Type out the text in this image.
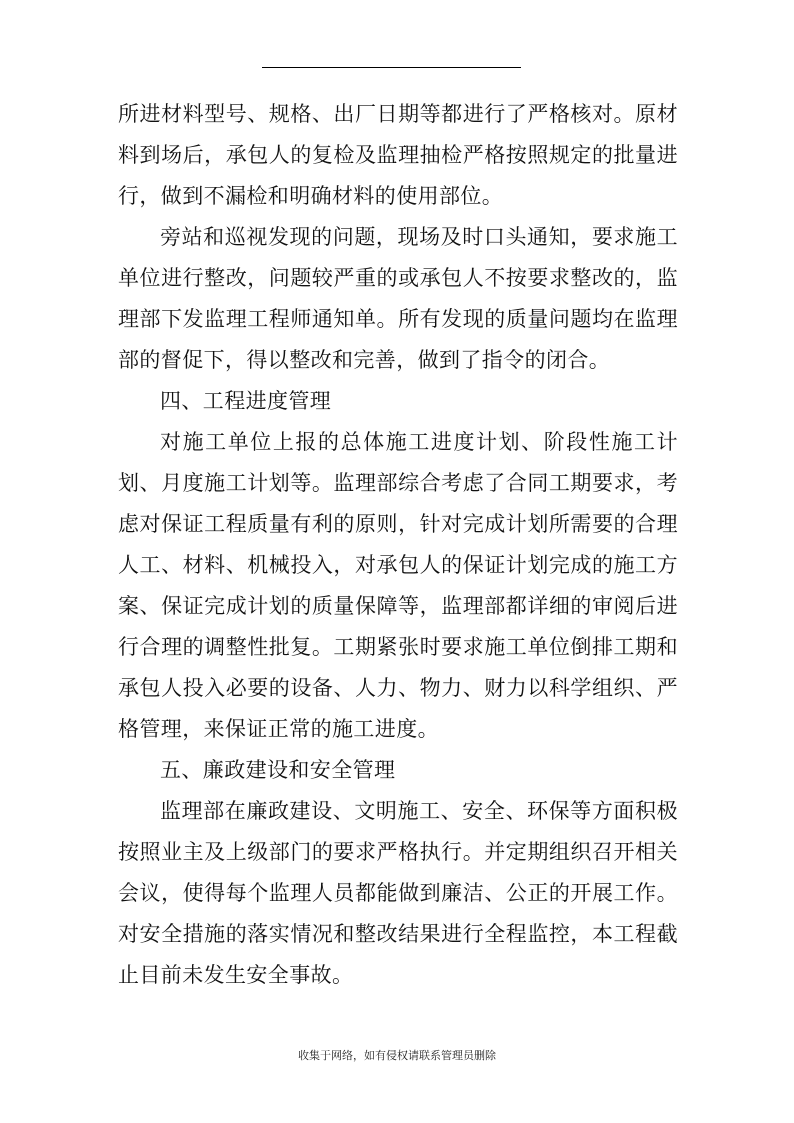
所进材料型号、规格、出厂日期等都进行了严格核对。原材料到场后，承包人的复检及监理抽检严格按照规定的批量进行，做到不漏检和明确材料的使用部位。

旁站和巡视发现的问题，现场及时口头通知，要求施工单位进行整改，问题较严重的或承包人不按要求整改的，监理部下发监理工程师通知单。所有发现的质量问题均在监理部的督促下，得以整改和完善，做到了指令的闭合。

四、工程进度管理

对施工单位上报的总体施工进度计划、阶段性施工计划、月度施工计划等。监理部综合考虑了合同工期要求，考虑对保证工程质量有利的原则，针对完成计划所需要的合理人工、材料、机械投入，对承包人的保证计划完成的施工方案、保证完成计划的质量保障等，监理部都详细的审阅后进行合理的调整性批复。工期紧张时要求施工单位倒排工期和承包人投入必要的设备、人力、物力、财力以科学组织、严格管理，来保证正常的施工进度。

五、廉政建设和安全管理

监理部在廉政建设、文明施工、安全、环保等方面积极按照业主及上级部门的要求严格执行。并定期组织召开相关会议，使得每个监理人员都能做到廉洁、公正的开展工作。对安全措施的落实情况和整改结果进行全程监控，本工程截止目前未发生安全事故。

收集于网络，如有侵权请联系管理员删除
